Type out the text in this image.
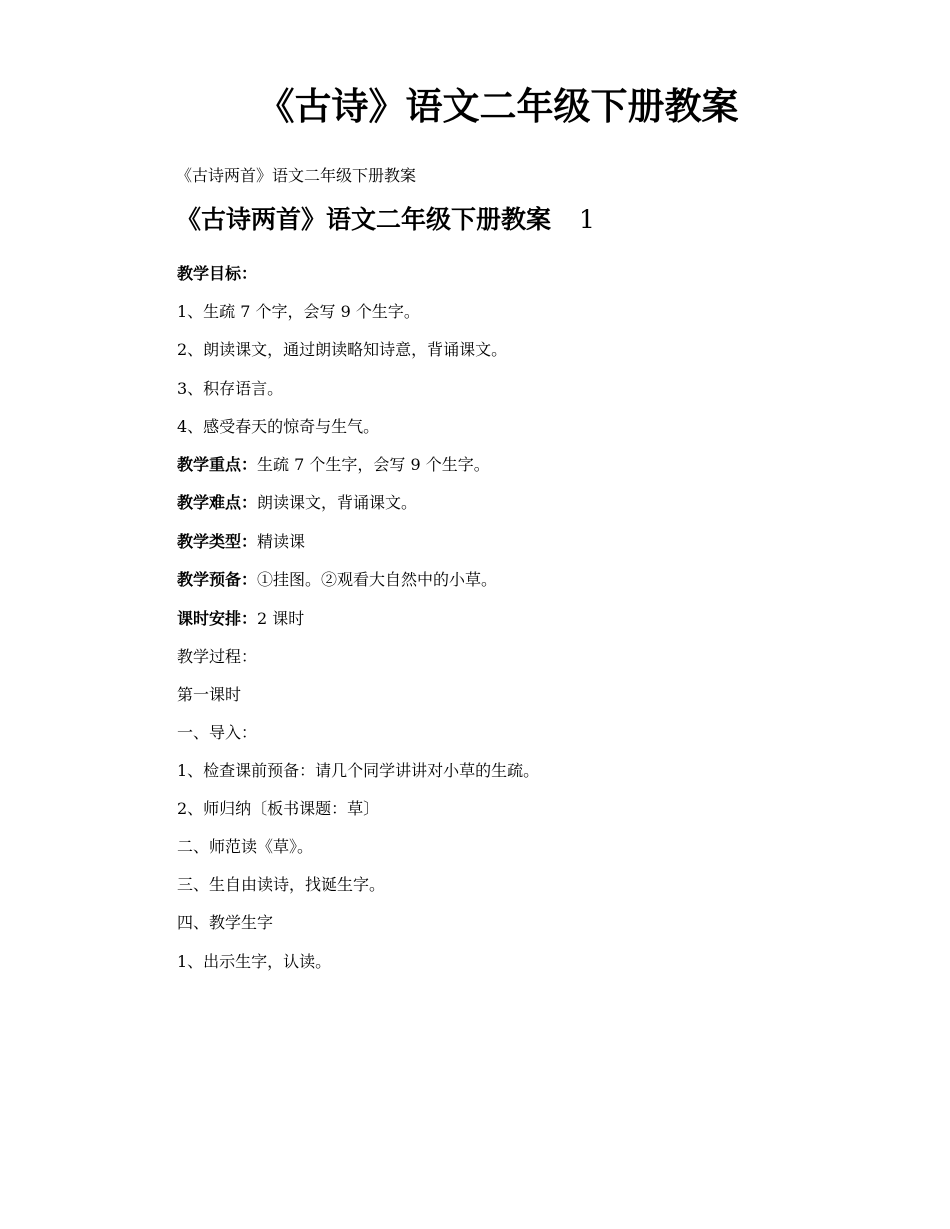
《古诗》语文二年级下册教案
《古诗两首》语文二年级下册教案
《古诗两首》语文二年级下册教案 1
教学目标：
1、生疏 7 个字，会写 9 个生字。
2、朗读课文，通过朗读略知诗意，背诵课文。
3、积存语言。
4、感受春天的惊奇与生气。
教学重点：生疏 7 个生字，会写 9 个生字。
教学难点：朗读课文，背诵课文。
教学类型：精读课
教学预备：①挂图。②观看大自然中的小草。
课时安排：2 课时
教学过程：
第一课时
一、导入：
1、检查课前预备：请几个同学讲讲对小草的生疏。
2、师归纳〔板书课题：草〕
二、师范读《草》。
三、生自由读诗，找诞生字。
四、教学生字
1、出示生字，认读。
